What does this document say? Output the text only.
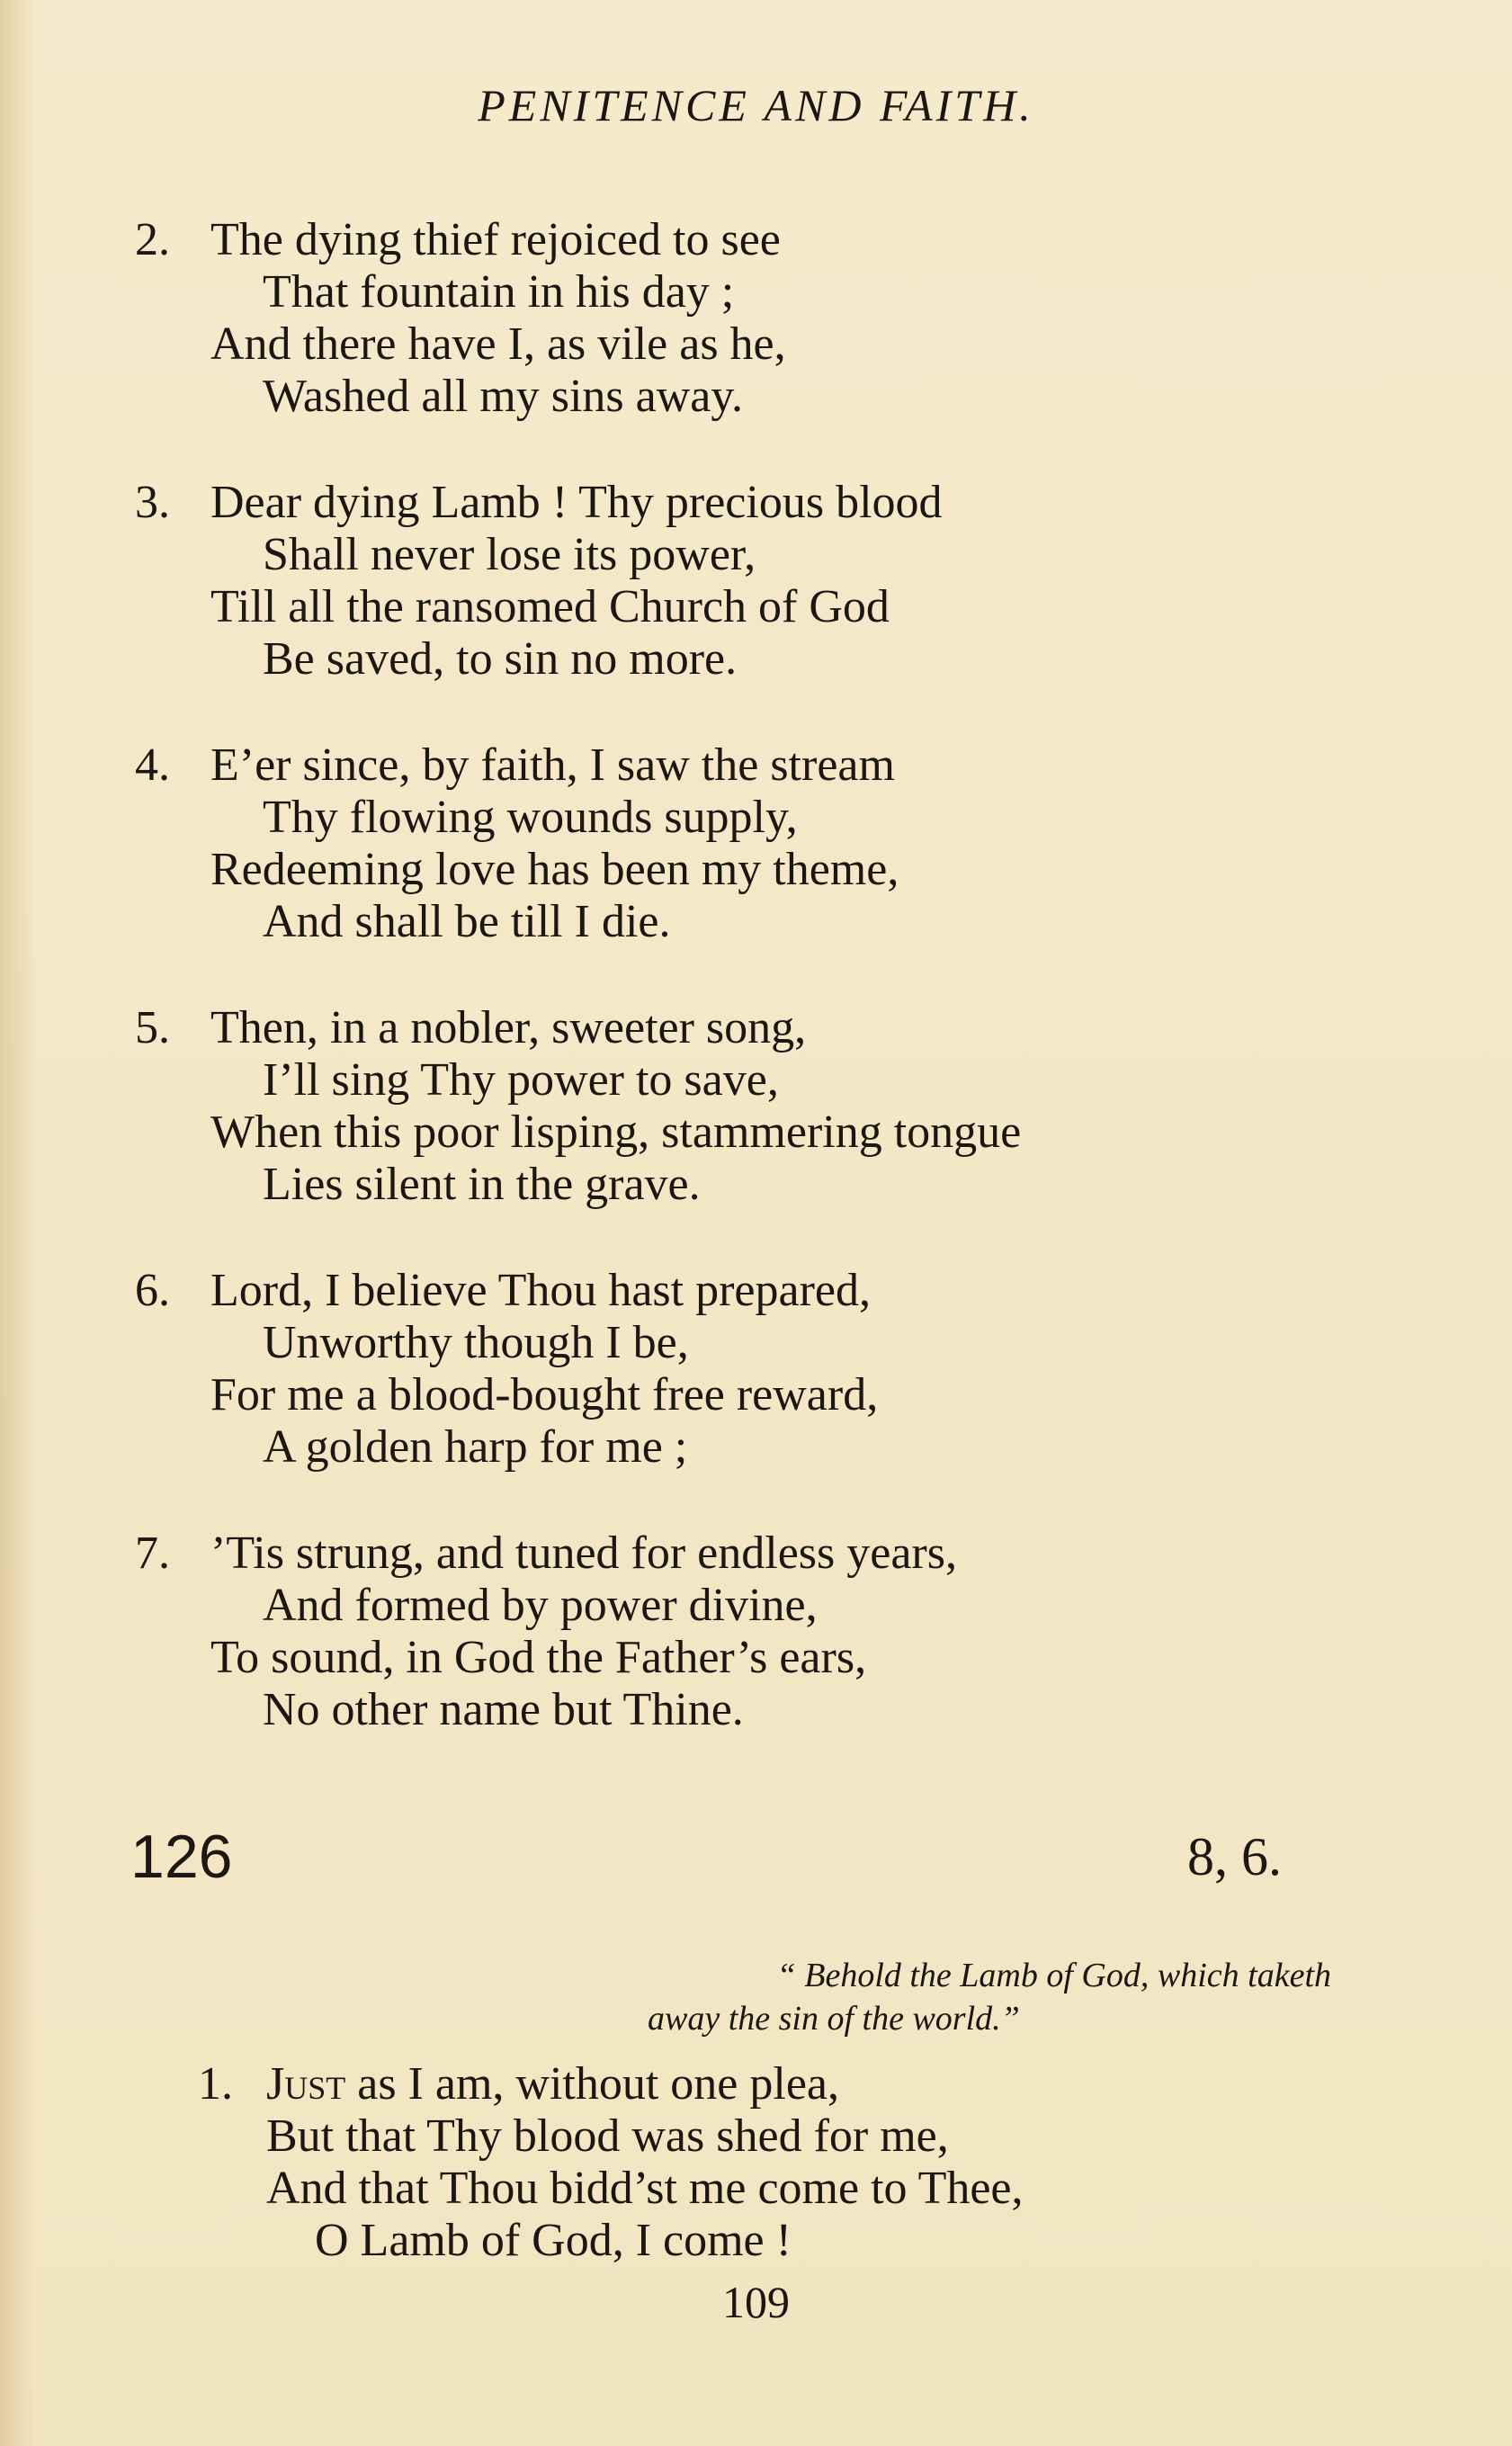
PENITENCE AND FAITH.
2. The dying thief rejoiced to see
That fountain in his day ;
And there have I, as vile as he,
Washed all my sins away.
3. Dear dying Lamb ! Thy precious blood
Shall never lose its power,
Till all the ransomed Church of God
Be saved, to sin no more.
4. E’er since, by faith, I saw the stream
Thy flowing wounds supply,
Redeeming love has been my theme,
And shall be till I die.
5. Then, in a nobler, sweeter song,
I’ll sing Thy power to save,
When this poor lisping, stammering tongue
Lies silent in the grave.
6. Lord, I believe Thou hast prepared,
Unworthy though I be,
For me a blood-bought free reward,
A golden harp for me ;
7. ’Tis strung, and tuned for endless years,
And formed by power divine,
To sound, in God the Father’s ears,
No other name but Thine.
126	8, 6.
“ Behold the Lamb of God, which taketh
away the sin of the world.”
1. Just as I am, without one plea,
But that Thy blood was shed for me,
And that Thou bidd’st me come to Thee,
O Lamb of God, I come !
109
